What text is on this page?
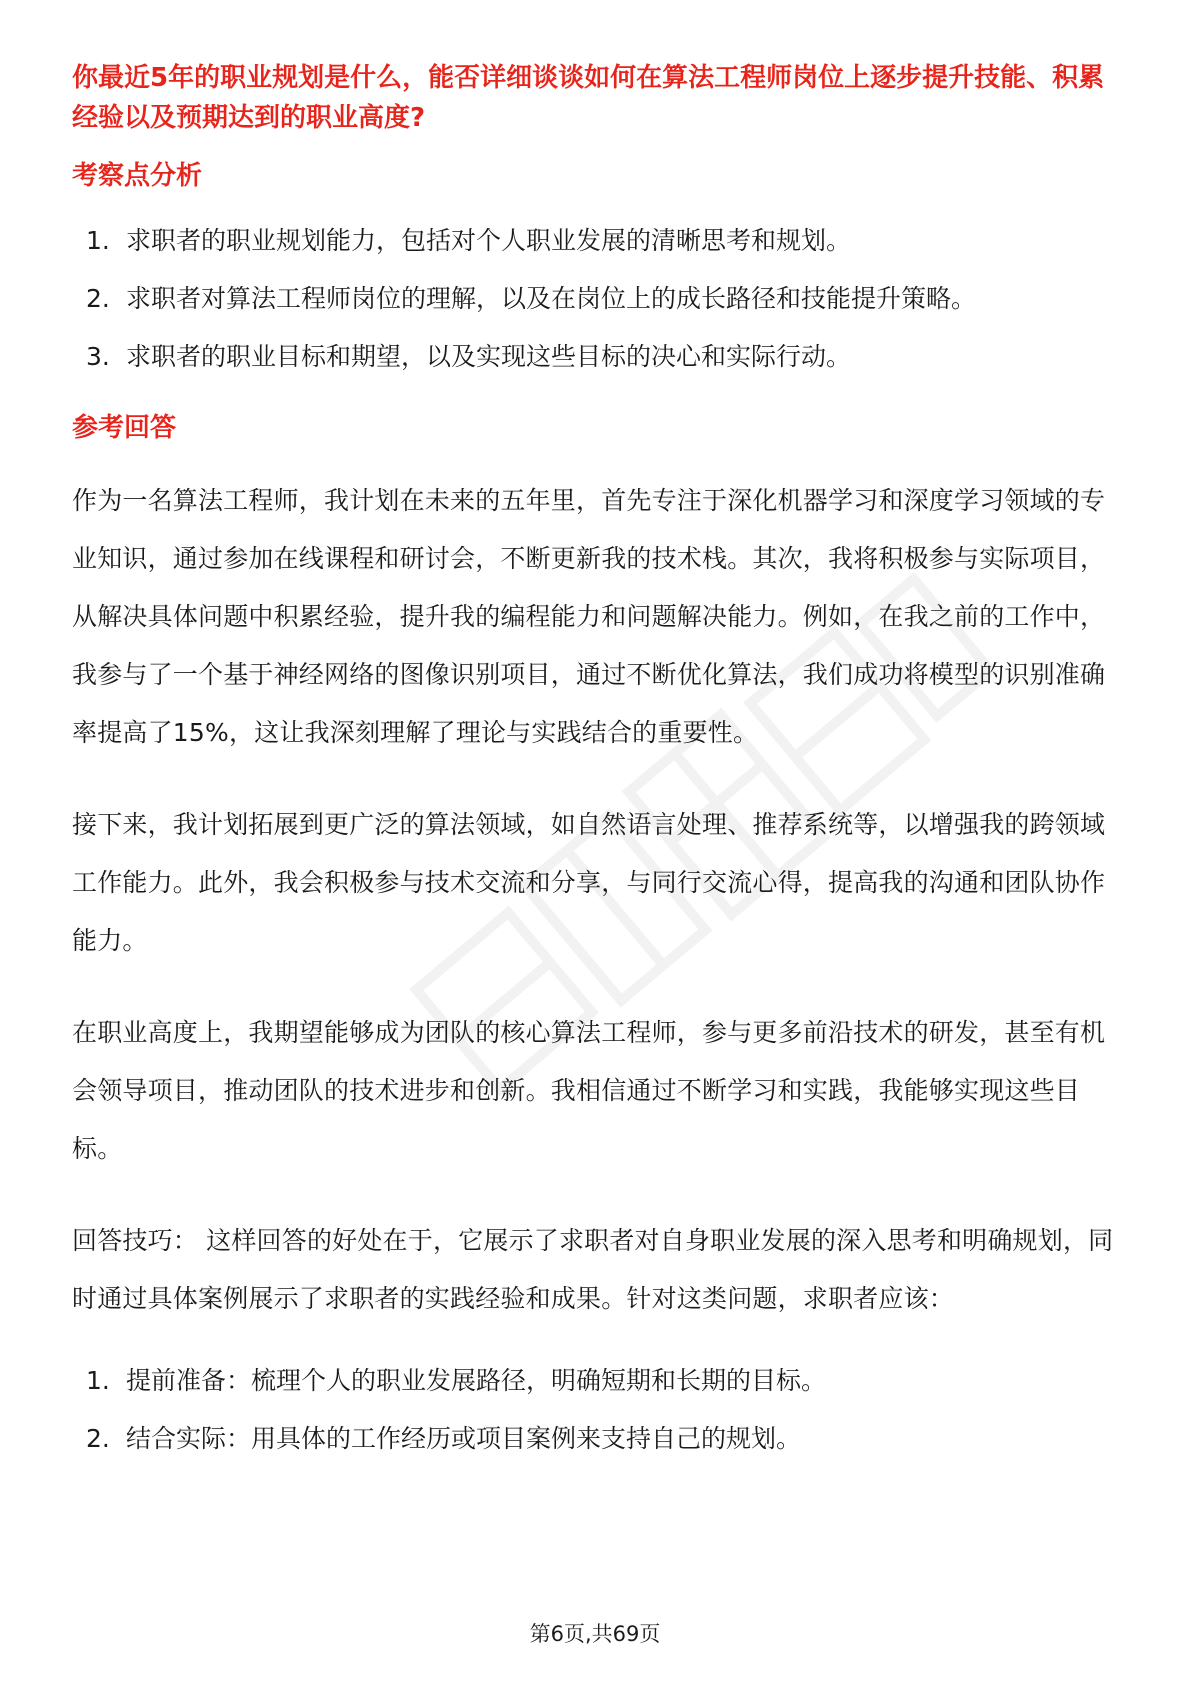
你最近5年的职业规划是什么，能否详细谈谈如何在算法工程师岗位上逐步提升技能、积累经验以及预期达到的职业高度?
考察点分析
1. 求职者的职业规划能力，包括对个人职业发展的清晰思考和规划。
2. 求职者对算法工程师岗位的理解，以及在岗位上的成长路径和技能提升策略。
3. 求职者的职业目标和期望，以及实现这些目标的决心和实际行动。
参考回答
作为一名算法工程师，我计划在未来的五年里，首先专注于深化机器学习和深度学习领域的专业知识，通过参加在线课程和研讨会，不断更新我的技术栈。其次，我将积极参与实际项目，从解决具体问题中积累经验，提升我的编程能力和问题解决能力。例如，在我之前的工作中，我参与了一个基于神经网络的图像识别项目，通过不断优化算法，我们成功将模型的识别准确率提高了15%，这让我深刻理解了理论与实践结合的重要性。
接下来，我计划拓展到更广泛的算法领域，如自然语言处理、推荐系统等，以增强我的跨领域工作能力。此外，我会积极参与技术交流和分享，与同行交流心得，提高我的沟通和团队协作能力。
在职业高度上，我期望能够成为团队的核心算法工程师，参与更多前沿技术的研发，甚至有机会领导项目，推动团队的技术进步和创新。我相信通过不断学习和实践，我能够实现这些目标。
回答技巧： 这样回答的好处在于，它展示了求职者对自身职业发展的深入思考和明确规划，同时通过具体案例展示了求职者的实践经验和成果。针对这类问题，求职者应该：
1. 提前准备：梳理个人的职业发展路径，明确短期和长期的目标。
2. 结合实际：用具体的工作经历或项目案例来支持自己的规划。
第6页,共69页
